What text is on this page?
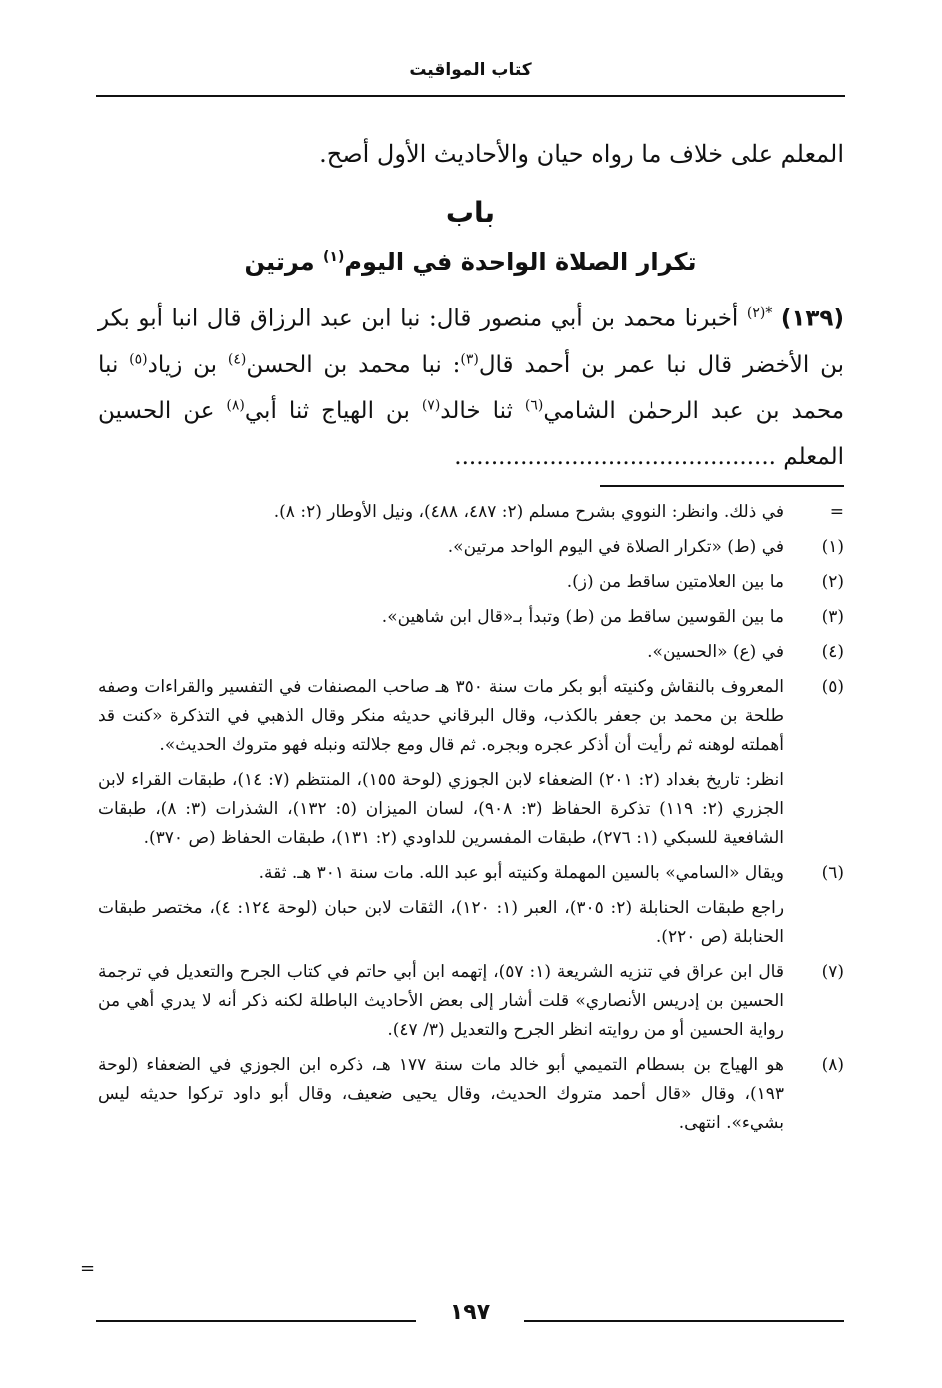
كتاب المواقيت
المعلم على خلاف ما رواه حيان والأحاديث الأول أصح.
باب
تكرار الصلاة الواحدة في اليوم$^{(١)}$ مرتين
(١٣٩) $^{*(٢)}$ أخبرنا محمد بن أبي منصور قال: نبا ابن عبد الرزاق قال انبا أبو بكر بن الأخضر قال نبا عمر بن أحمد قال$^{(٣)}$: نبا محمد بن الحسن$^{(٤)}$ بن زياد$^{(٥)}$ نبا محمد بن عبد الرحمٰن الشامي$^{(٦)}$ ثنا خالد$^{(٧)}$ بن الهياج ثنا أبي$^{(٨)}$ عن الحسين المعلم ............................................
=

في ذلك. وانظر: النووي بشرح مسلم (٢: ٤٨٧، ٤٨٨)، ونيل الأوطار (٢: ٨).

(١)

في (ط) «تكرار الصلاة في اليوم الواحد مرتين».

(٢)

ما بين العلامتين ساقط من (ز).

(٣)

ما بين القوسين ساقط من (ط) وتبدأ بـ«قال ابن شاهين».

(٤)

في (ع) «الحسين».

(٥)

المعروف بالنقاش وكنيته أبو بكر مات سنة ٣٥٠ هـ صاحب المصنفات في التفسير والقراءات وصفه طلحة بن محمد بن جعفر بالكذب، وقال البرقاني حديثه منكر وقال الذهبي في التذكرة «كنت قد أهملته لوهنه ثم رأيت أن أذكر عجره وبجره. ثم قال ومع جلالته ونبله فهو متروك الحديث».

انظر: تاريخ بغداد (٢: ٢٠١) الضعفاء لابن الجوزي (لوحة ١٥٥)، المنتظم (٧: ١٤)، طبقات القراء لابن الجزري (٢: ١١٩) تذكرة الحفاظ (٣: ٩٠٨)، لسان الميزان (٥: ١٣٢)، الشذرات (٣: ٨)، طبقات الشافعية للسبكي (١: ٢٧٦)، طبقات المفسرين للداودي (٢: ١٣١)، طبقات الحفاظ (ص ٣٧٠).

(٦)

ويقال «السامي» بالسين المهملة وكنيته أبو عبد الله. مات سنة ٣٠١ هـ. ثقة.

راجع طبقات الحنابلة (٢: ٣٠٥)، العبر (١: ١٢٠)، الثقات لابن حبان (لوحة ١٢٤: ٤)، مختصر طبقات الحنابلة (ص ٢٢٠).

(٧)

قال ابن عراق في تنزيه الشريعة (١: ٥٧)، إتهمه ابن أبي حاتم في كتاب الجرح والتعديل في ترجمة الحسين بن إدريس الأنصاري» قلت أشار إلى بعض الأحاديث الباطلة لكنه ذكر أنه لا يدري أهي من رواية الحسين أو من روايته انظر الجرح والتعديل (٣/ ٤٧).

(٨)

هو الهياج بن بسطام التميمي أبو خالد مات سنة ١٧٧ هـ، ذكره ابن الجوزي في الضعفاء (لوحة ١٩٣)، وقال «قال أحمد متروك الحديث، وقال يحيى ضعيف، وقال أبو داود تركوا حديثه ليس بشيء». انتهى.

=
١٩٧
